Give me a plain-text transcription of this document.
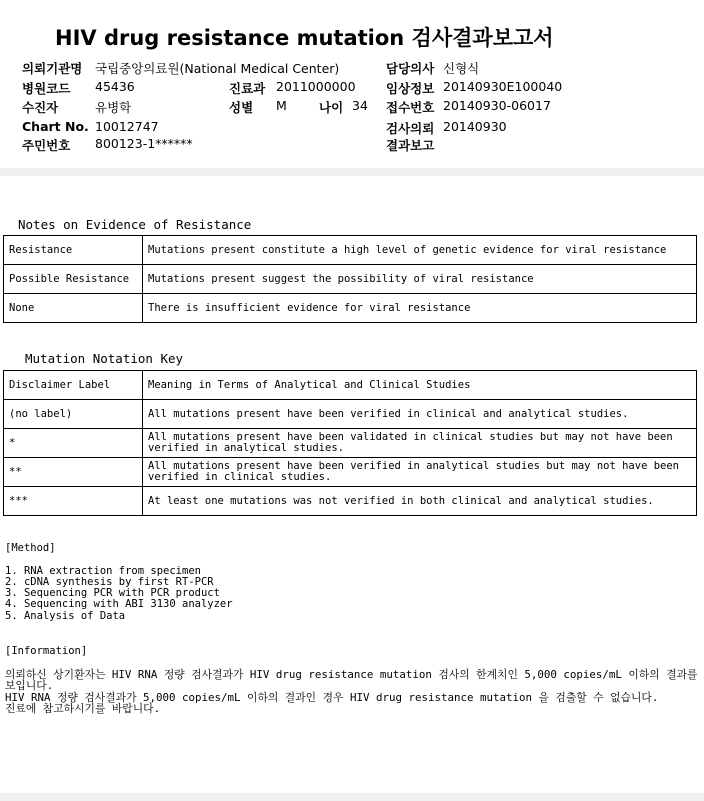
HIV drug resistance mutation 검사결과보고서
의뢰기관명 국립중앙의료원(National Medical Center)	담당의사 신형식
병원코드 45436	진료과 2011000000 임상정보 20140930E100040
수진자	유병학	성별 M	나이 34 접수번호 20140930-06017
Chart No. 10012747	검사의뢰 20140930
주민번호 800123-1******	결과보고
Notes on Evidence of Resistance
Resistance	Mutations present constitute a high level of genetic evidence for viral resistance
Possible Resistance	Mutations present suggest the possibility of viral resistance
None	There is insufficient evidence for viral resistance
Mutation Notation Key
Disclaimer Label	Meaning in Terms of Analytical and Clinical Studies
(no label)	All mutations present have been verified in clinical and analytical studies.
*	All mutations present have been validated in clinical studies but may not have been verified in analytical studies.
**	All mutations present have been verified in analytical studies but may not have been verified in clinical studies.
***	At least one mutations was not verified in both clinical and analytical studies.
[Method]
1. RNA extraction from specimen
2. cDNA synthesis by first RT-PCR
3. Sequencing PCR with PCR product
4. Sequencing with ABI 3130 analyzer
5. Analysis of Data
[Information]
의뢰하신 상기환자는 HIV RNA 정량 검사결과가 HIV drug resistance mutation 검사의 한계치인 5,000 copies/mL 이하의 결과를
보입니다.
HIV RNA 정량 검사결과가 5,000 copies/mL 이하의 결과인 경우 HIV drug resistance mutation 을 검출할 수 없습니다.
진료에 참고하시기를 바랍니다.
